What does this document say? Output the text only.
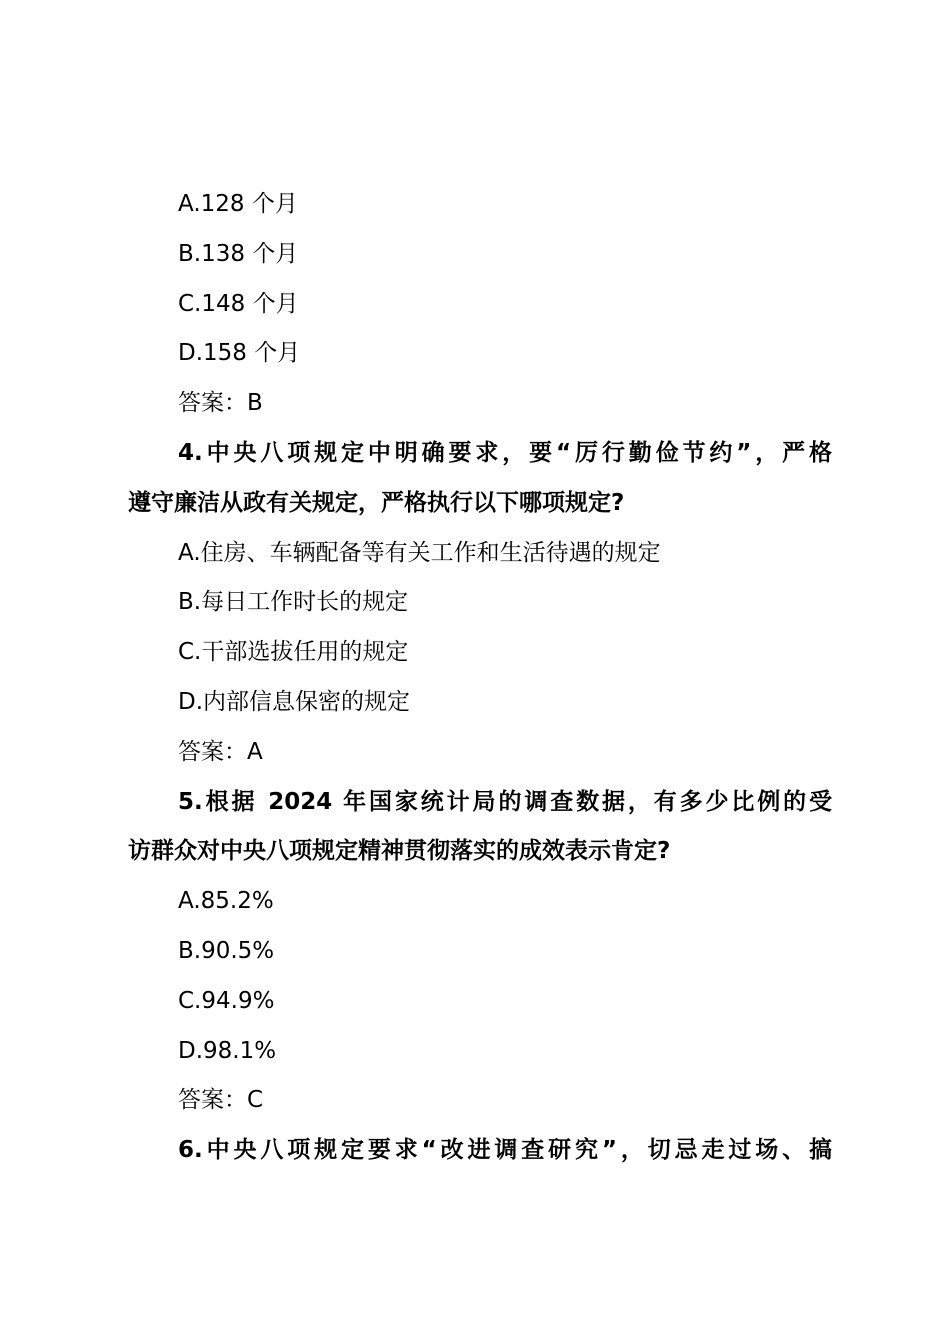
A.128 个月
B.138 个月
C.148 个月
D.158 个月
答案：B
4.中央八项规定中明确要求，要“厉行勤俭节约”，严格
遵守廉洁从政有关规定，严格执行以下哪项规定?
A.住房、车辆配备等有关工作和生活待遇的规定
B.每日工作时长的规定
C.干部选拔任用的规定
D.内部信息保密的规定
答案：A
5.根据 2024 年国家统计局的调查数据，有多少比例的受
访群众对中央八项规定精神贯彻落实的成效表示肯定?
A.85.2%
B.90.5%
C.94.9%
D.98.1%
答案：C
6.中央八项规定要求“改进调查研究”，切忌走过场、搞
